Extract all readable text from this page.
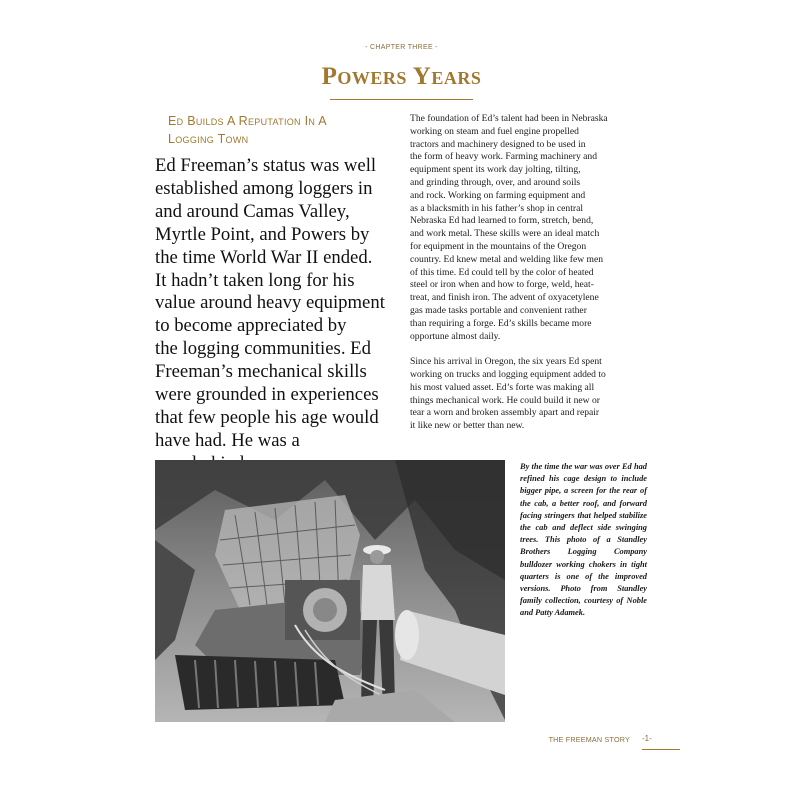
- CHAPTER THREE -
Powers Years
Ed Builds A Reputation In A
Logging Town
Ed Freeman’s status was well
established among loggers in
and around Camas Valley,
Myrtle Point, and Powers by
the time World War II ended.
It hadn’t taken long for his
value around heavy equipment
to become appreciated by
the logging communities. Ed
Freeman’s mechanical skills
were grounded in experiences
that few people his age would
have had. He was a

The foundation of Ed’s talent had been in Nebraska
working on steam and fuel engine propelled
tractors and machinery designed to be used in
the form of heavy work. Farming machinery and
equipment spent its work day jolting, tilting,
and grinding through, over, and around soils
and rock. Working on farming equipment and
as a blacksmith in his father’s shop in central
Nebraska Ed had learned to form, stretch, bend,
and work metal. These skills were an ideal match
for equipment in the mountains of the Oregon
country. Ed knew metal and welding like few men
of this time. Ed could tell by the color of heated
steel or iron when and how to forge, weld, heat-
treat, and finish iron. The advent of oxyacetylene
gas made tasks portable and convenient rather
than requiring a forge. Ed’s skills became more
opportune almost daily.

Since his arrival in Oregon, the six years Ed spent
working on trucks and logging equipment added to
his most valued asset. Ed’s forte was making all
things mechanical work. He could build it new or
tear a worn and broken assembly apart and repair
it like new or better than new.

By the time the war was over Ed had refined his cage design to include bigger pipe, a screen for the rear of the cab, a better roof, and forward facing stringers that helped stabilize the cab and deflect side swinging trees. This photo of a Standley Brothers Logging Company bulldozer working chokers in tight quarters is one of the improved versions. Photo from Standley family collection, courtesy of Noble and Patty Adamek.
THE FREEMAN STORY -1-
